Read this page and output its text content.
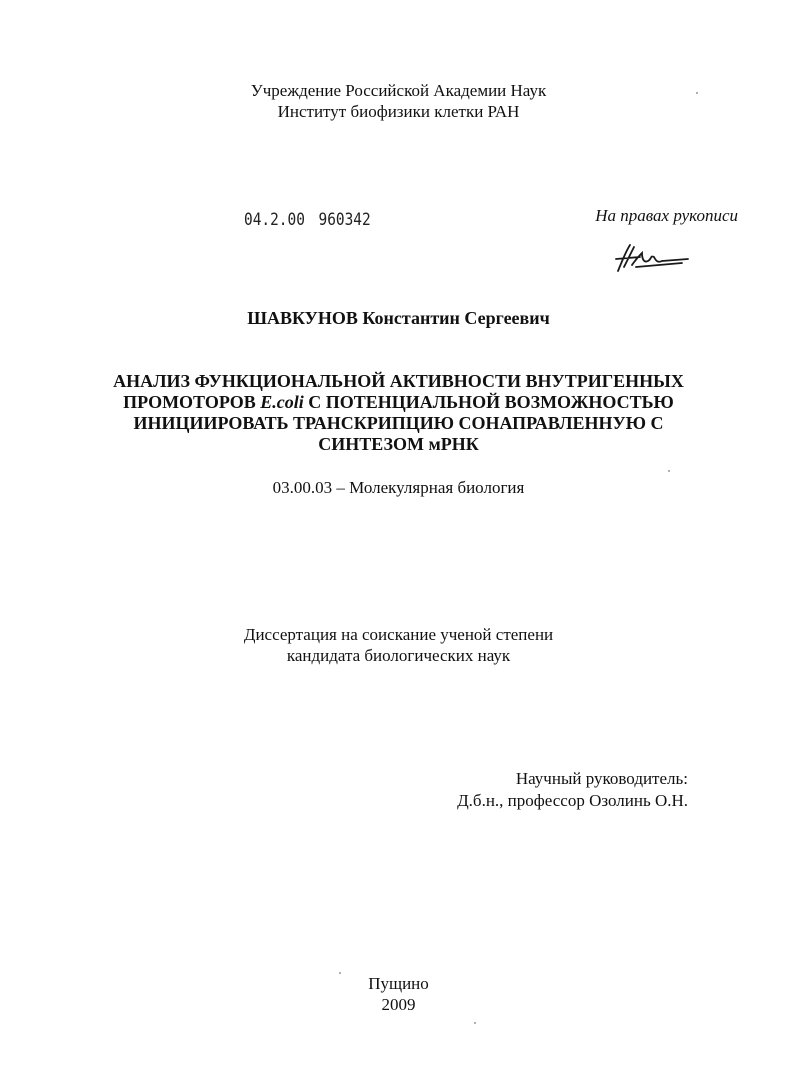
Учреждение Российской Академии Наук
Институт биофизики клетки РАН
04.2.00 960342	На правах рукописи
ШАВКУНОВ Константин Сергеевич
АНАЛИЗ ФУНКЦИОНАЛЬНОЙ АКТИВНОСТИ ВНУТРИГЕННЫХ
ПРОМОТОРОВ E.coli С ПОТЕНЦИАЛЬНОЙ ВОЗМОЖНОСТЬЮ
ИНИЦИИРОВАТЬ ТРАНСКРИПЦИЮ СОНАПРАВЛЕННУЮ С
СИНТЕЗОМ мРНК
03.00.03 – Молекулярная биология
Диссертация на соискание ученой степени
кандидата биологических наук
Научный руководитель:
Д.б.н., профессор Озолинь О.Н.
Пущино
2009
